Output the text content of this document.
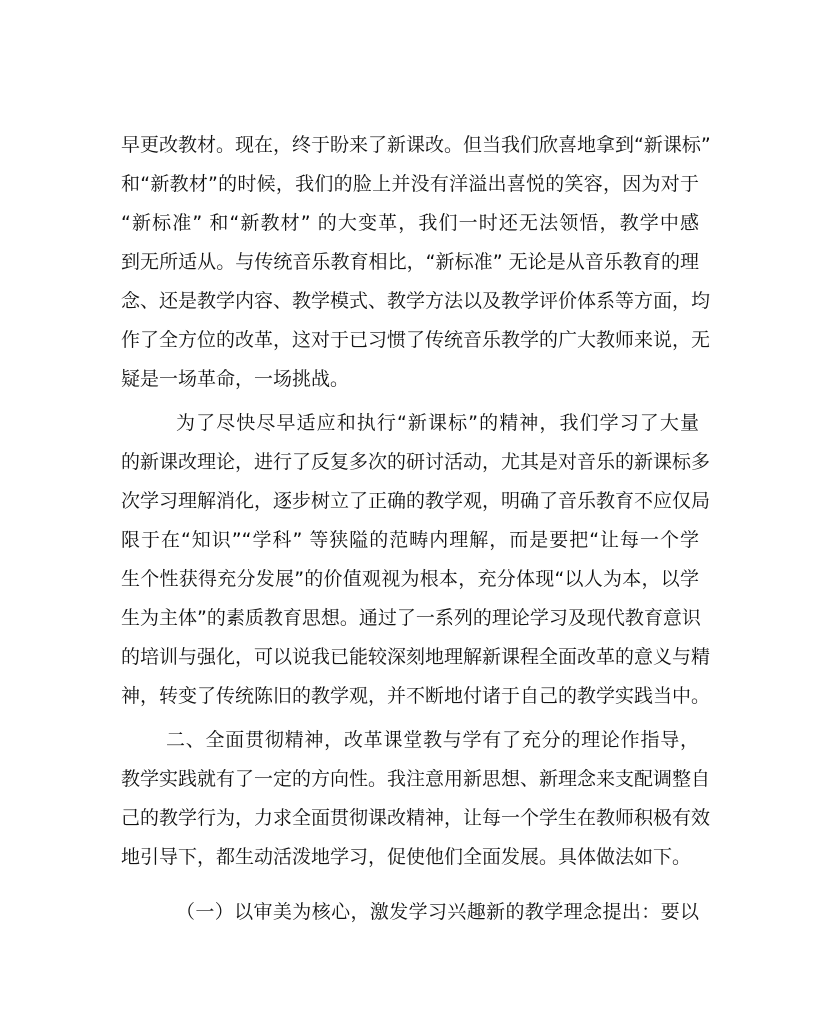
早更改教材。现在，终于盼来了新课改。但当我们欣喜地拿到“新课标”
和“新教材”的时候，我们的脸上并没有洋溢出喜悦的笑容，因为对于
“新标准” 和“新教材” 的大变革，我们一时还无法领悟，教学中感
到无所适从。与传统音乐教育相比，“新标准” 无论是从音乐教育的理
念、还是教学内容、教学模式、教学方法以及教学评价体系等方面，均
作了全方位的改革，这对于已习惯了传统音乐教学的广大教师来说，无
疑是一场革命，一场挑战。
为了尽快尽早适应和执行“新课标”的精神，我们学习了大量
的新课改理论，进行了反复多次的研讨活动，尤其是对音乐的新课标多
次学习理解消化，逐步树立了正确的教学观，明确了音乐教育不应仅局
限于在“知识”“学科” 等狭隘的范畴内理解，而是要把“让每一个学
生个性获得充分发展”的价值观视为根本，充分体现“以人为本，以学
生为主体”的素质教育思想。通过了一系列的理论学习及现代教育意识
的培训与强化，可以说我已能较深刻地理解新课程全面改革的意义与精
神，转变了传统陈旧的教学观，并不断地付诸于自己的教学实践当中。
二、全面贯彻精神，改革课堂教与学有了充分的理论作指导，
教学实践就有了一定的方向性。我注意用新思想、新理念来支配调整自
己的教学行为，力求全面贯彻课改精神，让每一个学生在教师积极有效
地引导下，都生动活泼地学习，促使他们全面发展。具体做法如下。
（一）以审美为核心，激发学习兴趣新的教学理念提出：要以
